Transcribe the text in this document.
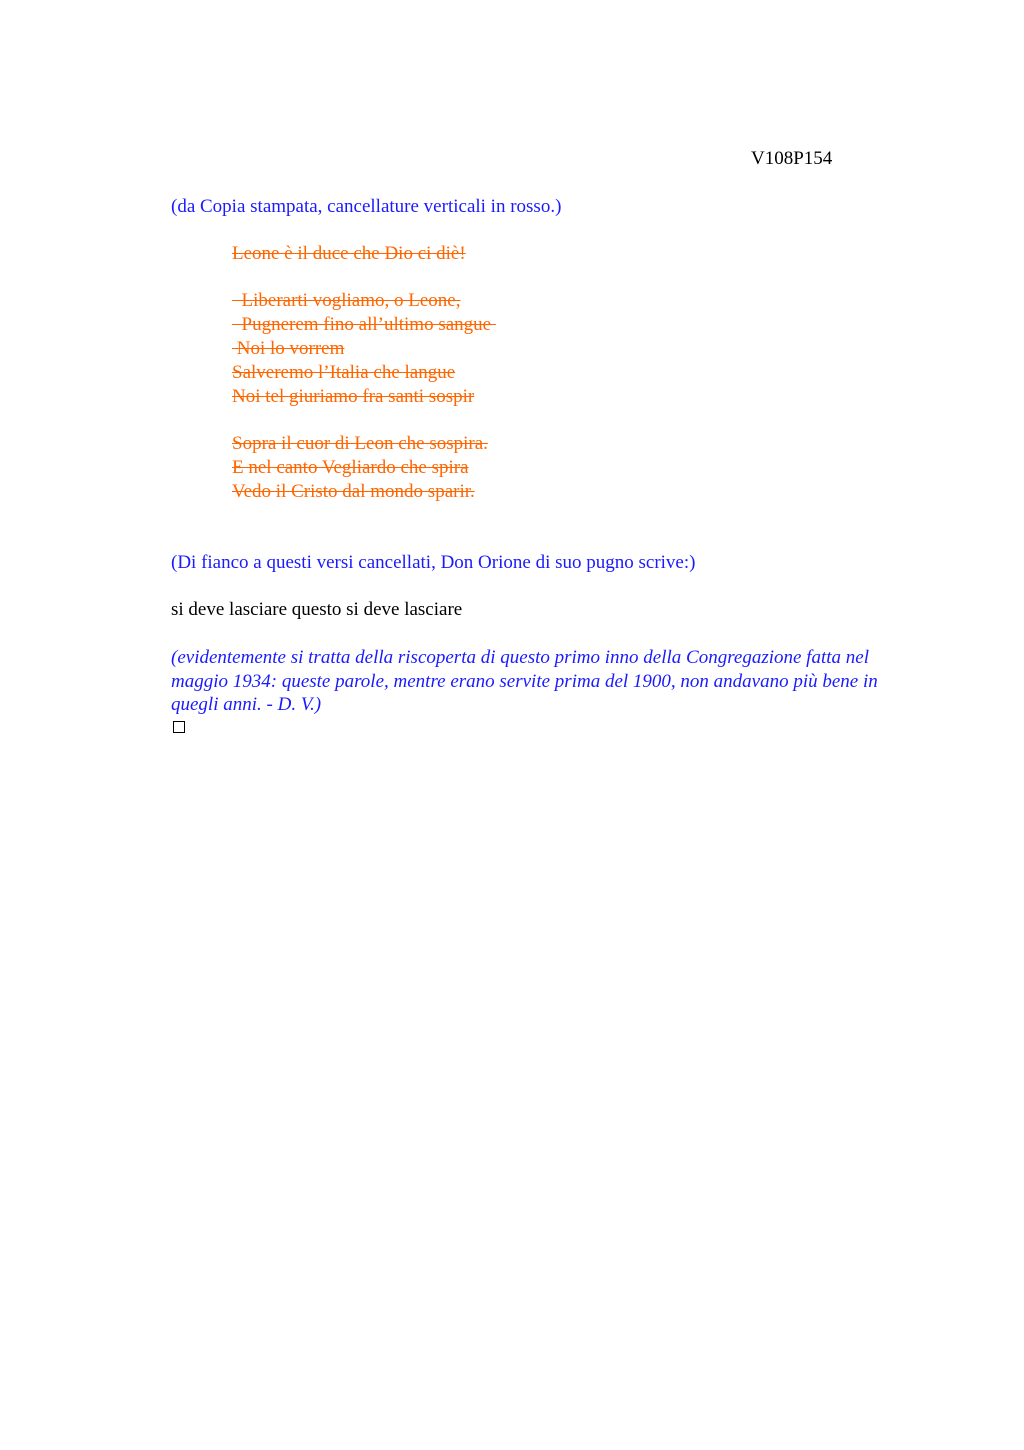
V108P154
(da Copia stampata, cancellature verticali in rosso.)
Leone è il duce che Dio ci diè!
Liberarti vogliamo, o Leone,
Pugnerem fino all’ultimo sangue
Noi lo vorrem
Salveremo l’Italia che langue
Noi tel giuriamo fra santi sospir
Sopra il cuor di Leon che sospira.
E nel canto Vegliardo che spira
Vedo il Cristo dal mondo sparir.
(Di fianco a questi versi cancellati, Don Orione di suo pugno scrive:)
si deve lasciare questo si deve lasciare
(evidentemente si tratta della riscoperta di questo primo inno della Congregazione fatta nel maggio 1934: queste parole, mentre erano servite prima del 1900, non andavano più bene in quegli anni. - D. V.)
